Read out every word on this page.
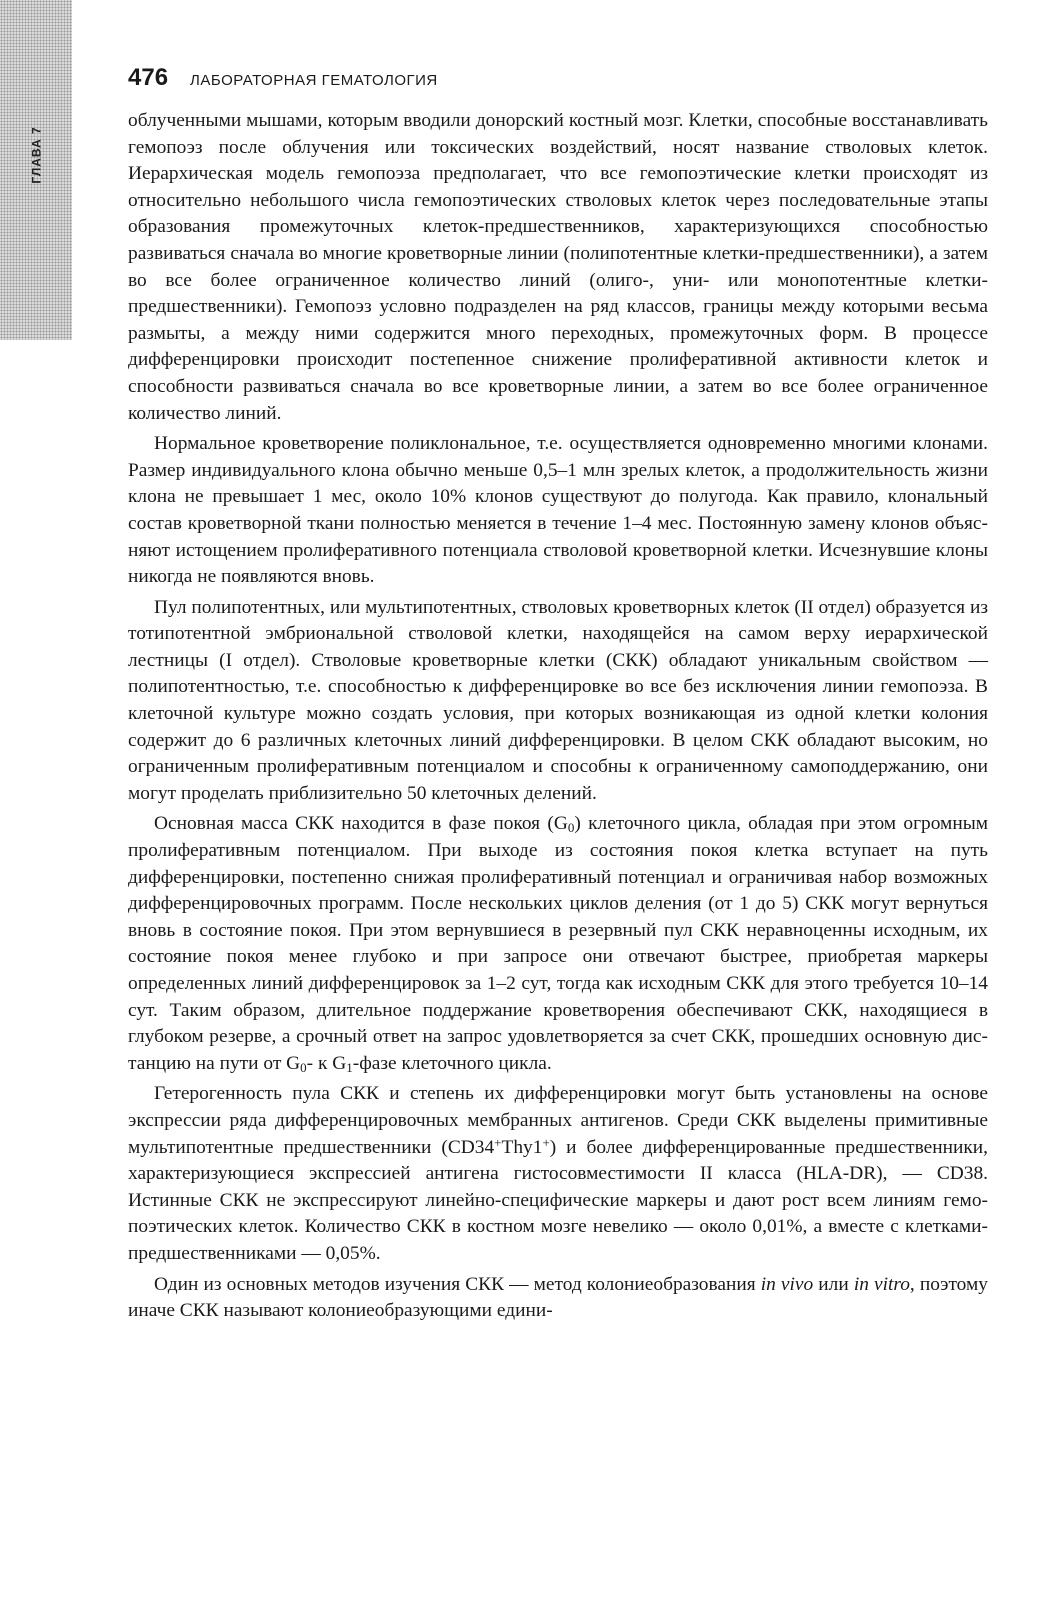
ГЛАВА 7
476 ЛАБОРАТОРНАЯ ГЕМАТОЛОГИЯ

облученными мышами, которым вводили донорский костный мозг. Клетки, способные восстанавливать гемопоэз после облучения или токсических воздействий, носят название стволовых клеток. Иерархическая модель гемопоэза предполагает, что все гемопоэтические клетки происходят из относительно небольшого числа гемопоэтических стволовых клеток через последовательные этапы образования промежуточных клеток-предшественников, характеризующихся способностью развиваться сначала во многие кроветворные линии (полипотентные клетки-предшественники), а затем во все более ограниченное количество линий (олиго-, уни- или монопотентные клетки-предшественники). Гемопоэз условно подразделен на ряд классов, границы между которыми весьма размыты, а между ними содержится много переходных, промежуточных форм. В процессе дифференцировки происходит постепенное снижение пролиферативной активности клеток и способности развиваться сначала во все кроветворные линии, а затем во все более ограниченное количество линий.

Нормальное кроветворение поликлональное, т.е. осуществляется одновременно многими клонами. Размер индивидуального клона обычно меньше 0,5–1 млн зрелых клеток, а продолжительность жизни клона не превышает 1 мес, около 10% клонов существуют до полугода. Как правило, клональный состав кроветворной ткани полностью меняется в течение 1–4 мес. Постоянную замену клонов объясняют истощением пролиферативного потенциала стволовой кроветворной клетки. Исчезнувшие клоны никогда не появляются вновь.

Пул полипотентных, или мультипотентных, стволовых кроветворных клеток (II отдел) образуется из тотипотентной эмбриональной стволовой клетки, находящейся на самом верху иерархической лестницы (I отдел). Стволовые кроветворные клетки (СКК) обладают уникальным свойством — полипотентностью, т.е. способностью к дифференцировке во все без исключения линии гемопоэза. В клеточной культуре можно создать условия, при которых возникающая из одной клетки колония содержит до 6 различных клеточных линий дифференцировки. В целом СКК обладают высоким, но ограниченным пролиферативным потенциалом и способны к ограниченному самоподдержанию, они могут проделать приблизительно 50 клеточных делений.

Основная масса СКК находится в фазе покоя $(G_0)$ клеточного цикла, обладая при этом огромным пролиферативным потенциалом. При выходе из состояния покоя клетка вступает на путь дифференцировки, постепенно снижая пролиферативный потенциал и ограничивая набор возможных дифференцировочных программ. После нескольких циклов деления (от 1 до 5) СКК могут вернуться вновь в состояние покоя. При этом вернувшиеся в резервный пул СКК неравноценны исходным, их состояние покоя менее глубоко и при запросе они отвечают быстрее, приобретая маркеры определенных линий дифференцировок за 1–2 сут, тогда как исходным СКК для этого требуется 10–14 сут. Таким образом, длительное поддержание кроветворения обеспечивают СКК, находящиеся в глубоком резерве, а срочный ответ на запрос удовлетворяется за счет СКК, прошедших основную дистанцию на пути от $G_0-$ к $G_1$-фазе клеточного цикла.

Гетерогенность пула СКК и степень их дифференцировки могут быть установлены на основе экспрессии ряда дифференцировочных мембранных антигенов. Среди СКК выделены примитивные мультипотентные предшественники (CD34+Thy1+) и более дифференцированные предшественники, характеризующиеся экспрессией антигена гистосовместимости II класса (HLA-DR), — CD38. Истинные СКК не экспрессируют линейно-специфические маркеры и дают рост всем линиям гемопоэтических клеток. Количество СКК в костном мозге невелико — около 0,01%, а вместе с клетками-предшественниками — 0,05%.

Один из основных методов изучения СКК — метод колониеобразования in vivo или in vitro, поэтому иначе СКК называют колониеобразующими едини-
